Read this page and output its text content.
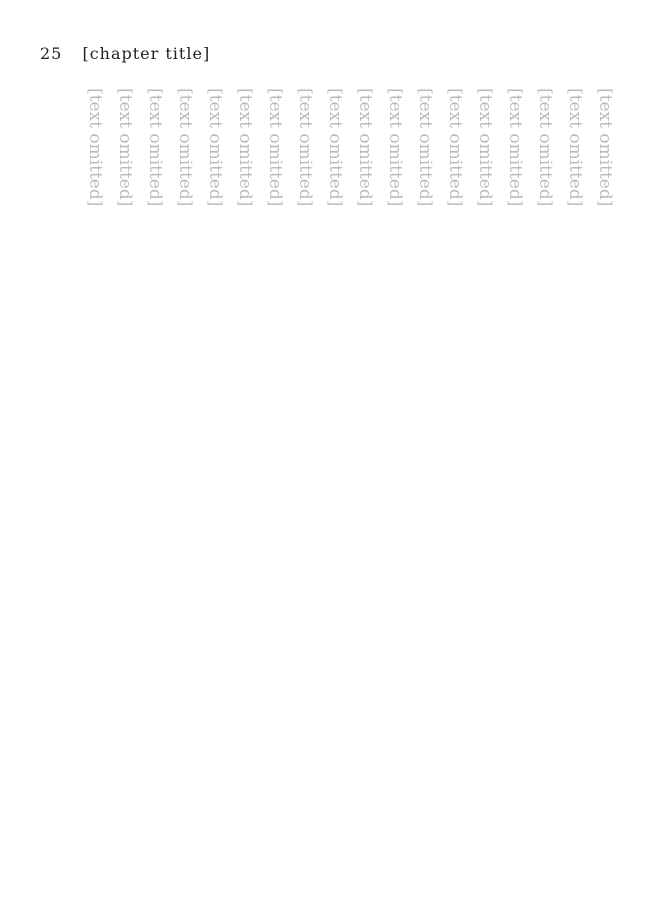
25 [chapter title]
[text omitted]
[text omitted]
[text omitted]
[text omitted]
[text omitted]
[text omitted]
[text omitted]
[text omitted]
[text omitted]
[text omitted]
[text omitted]
[text omitted]
[text omitted]
[text omitted]
[text omitted]
[text omitted]
[text omitted]
[text omitted]
